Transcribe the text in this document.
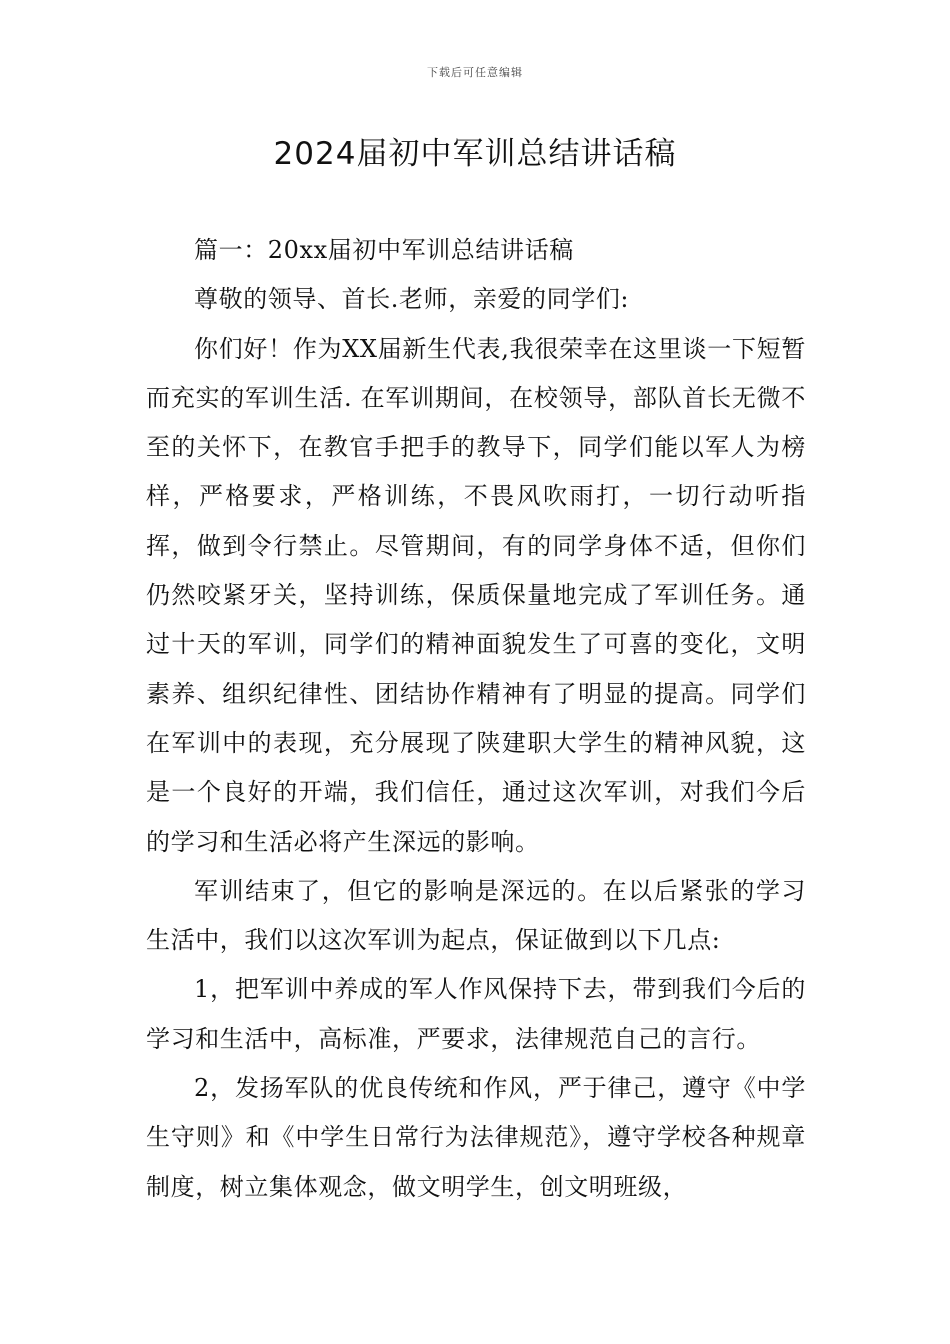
下载后可任意编辑
2024届初中军训总结讲话稿

篇一：20xx届初中军训总结讲话稿

尊敬的领导、首长.老师，亲爱的同学们:

你们好！作为XX届新生代表,我很荣幸在这里谈一下短暂而充实的军训生活. 在军训期间，在校领导，部队首长无微不至的关怀下，在教官手把手的教导下，同学们能以军人为榜样，严格要求，严格训练，不畏风吹雨打，一切行动听指挥，做到令行禁止。尽管期间，有的同学身体不适，但你们仍然咬紧牙关，坚持训练，保质保量地完成了军训任务。通过十天的军训，同学们的精神面貌发生了可喜的变化，文明素养、组织纪律性、团结协作精神有了明显的提高。同学们在军训中的表现，充分展现了陕建职大学生的精神风貌，这是一个良好的开端，我们信任，通过这次军训，对我们今后的学习和生活必将产生深远的影响。

军训结束了，但它的影响是深远的。在以后紧张的学习生活中，我们以这次军训为起点，保证做到以下几点:

1，把军训中养成的军人作风保持下去，带到我们今后的学习和生活中，高标准，严要求，法律规范自己的言行。

2，发扬军队的优良传统和作风，严于律己，遵守《中学生守则》和《中学生日常行为法律规范》，遵守学校各种规章制度，树立集体观念，做文明学生，创文明班级，
